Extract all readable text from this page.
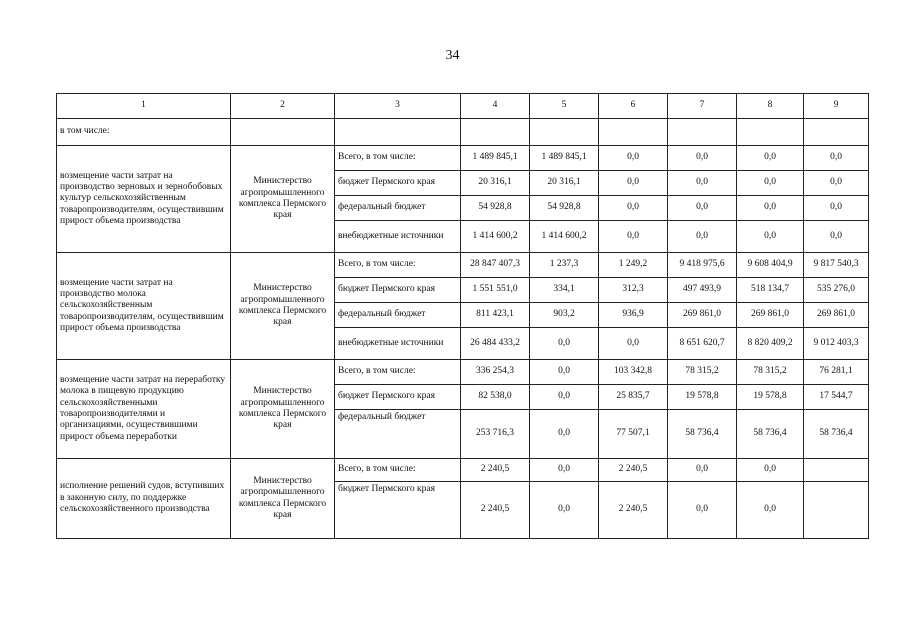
34
1	2	3	4	5	6	7	8	9
в том числе:								
возмещение части затрат на производство зерновых и зернобобовых культур сельскохозяйственным товаропроизводителям, осуществившим прирост объема производства	Министерство агропромышленного комплекса Пермского края	Всего, в том числе:	1 489 845,1	1 489 845,1	0,0	0,0	0,0	0,0
		бюджет Пермского края	20 316,1	20 316,1	0,0	0,0	0,0	0,0
		федеральный бюджет	54 928,8	54 928,8	0,0	0,0	0,0	0,0
		внебюджетные источники	1 414 600,2	1 414 600,2	0,0	0,0	0,0	0,0
возмещение части затрат на производство молока сельскохозяйственным товаропроизводителям, осуществившим прирост объема производства	Министерство агропромышленного комплекса Пермского края	Всего, в том числе:	28 847 407,3	1 237,3	1 249,2	9 418 975,6	9 608 404,9	9 817 540,3
		бюджет Пермского края	1 551 551,0	334,1	312,3	497 493,9	518 134,7	535 276,0
		федеральный бюджет	811 423,1	903,2	936,9	269 861,0	269 861,0	269 861,0
		внебюджетные источники	26 484 433,2	0,0	0,0	8 651 620,7	8 820 409,2	9 012 403,3
возмещение части затрат на переработку молока в пищевую продукцию сельскохозяйственными товаропроизводителями и организациями, осуществившими прирост объема переработки	Министерство агропромышленного комплекса Пермского края	Всего, в том числе:	336 254,3	0,0	103 342,8	78 315,2	78 315,2	76 281,1
		бюджет Пермского края	82 538,0	0,0	25 835,7	19 578,8	19 578,8	17 544,7
		федеральный бюджет	253 716,3	0,0	77 507,1	58 736,4	58 736,4	58 736,4
исполнение решений судов, вступивших в законную силу, по поддержке сельскохозяйственного производства	Министерство агропромышленного комплекса Пермского края	Всего, в том числе:	2 240,5	0,0	2 240,5	0,0	0,0	
		бюджет Пермского края	2 240,5	0,0	2 240,5	0,0	0,0	
